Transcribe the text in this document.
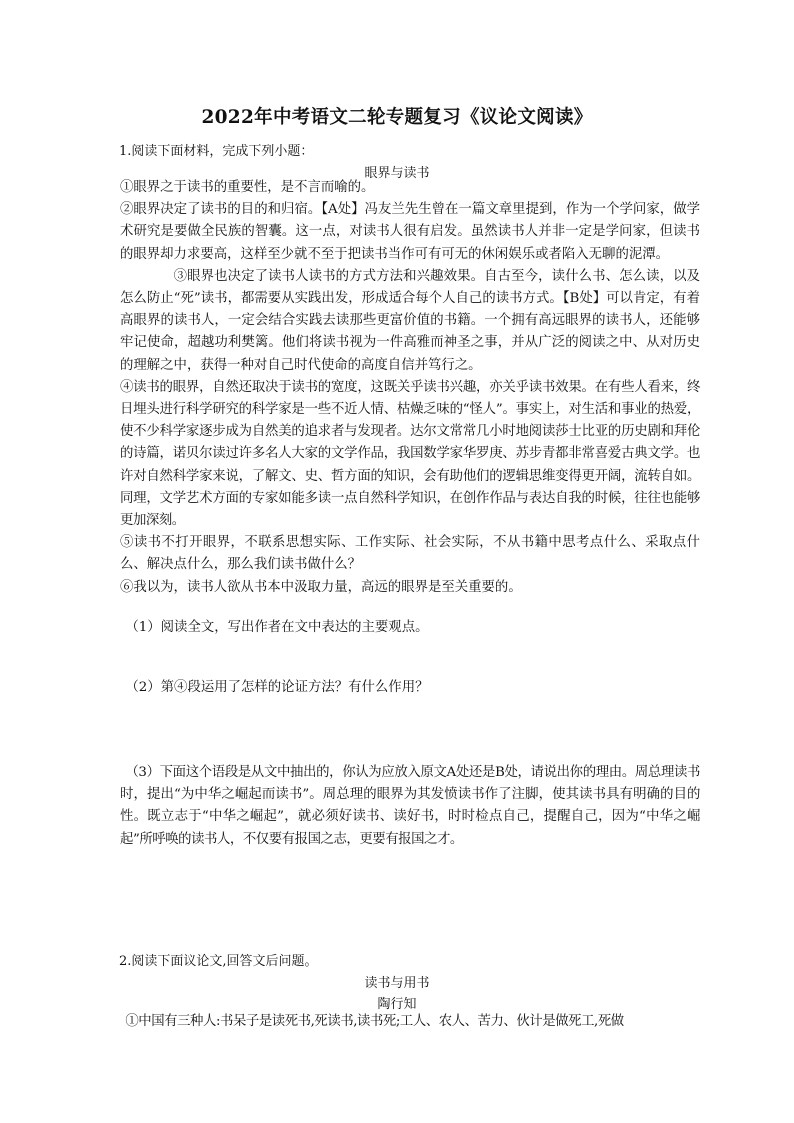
2022年中考语文二轮专题复习《议论文阅读》
1.阅读下面材料，完成下列小题：
眼界与读书

①眼界之于读书的重要性，是不言而喻的。

②眼界决定了读书的目的和归宿。【A处】冯友兰先生曾在一篇文章里提到，作为一个学问家，做学术研究是要做全民族的智囊。这一点，对读书人很有启发。虽然读书人并非一定是学问家，但读书的眼界却力求要高，这样至少就不至于把读书当作可有可无的休闲娱乐或者陷入无聊的泥潭。

③眼界也决定了读书人读书的方式方法和兴趣效果。自古至今，读什么书、怎么读，以及怎么防止“死”读书，都需要从实践出发，形成适合每个人自己的读书方式。【B处】可以肯定，有着高眼界的读书人，一定会结合实践去读那些更富价值的书籍。一个拥有高远眼界的读书人，还能够牢记使命，超越功利樊篱。他们将读书视为一件高雅而神圣之事，并从广泛的阅读之中、从对历史的理解之中，获得一种对自己时代使命的高度自信并笃行之。

④读书的眼界，自然还取决于读书的宽度，这既关乎读书兴趣，亦关乎读书效果。在有些人看来，终日埋头进行科学研究的科学家是一些不近人情、枯燥乏味的“怪人”。事实上，对生活和事业的热爱，使不少科学家逐步成为自然美的追求者与发现者。达尔文常常几小时地阅读莎士比亚的历史剧和拜伦的诗篇，诺贝尔读过许多名人大家的文学作品，我国数学家华罗庚、苏步青都非常喜爱古典文学。也许对自然科学家来说，了解文、史、哲方面的知识，会有助他们的逻辑思维变得更开阔，流转自如。同理，文学艺术方面的专家如能多读一点自然科学知识，在创作作品与表达自我的时候，往往也能够更加深刻。

⑤读书不打开眼界，不联系思想实际、工作实际、社会实际，不从书籍中思考点什么、采取点什么、解决点什么，那么我们读书做什么？

⑥我以为，读书人欲从书本中汲取力量，高远的眼界是至关重要的。

（1）阅读全文，写出作者在文中表达的主要观点。

（2）第④段运用了怎样的论证方法？有什么作用？

（3）下面这个语段是从文中抽出的，你认为应放入原文A处还是B处，请说出你的理由。周总理读书时，提出“为中华之崛起而读书”。周总理的眼界为其发愤读书作了注脚，使其读书具有明确的目的性。既立志于“中华之崛起”，就必须好读书、读好书，时时检点自己，提醒自己，因为“中华之崛起”所呼唤的读书人，不仅要有报国之志，更要有报国之才。

2.阅读下面议论文,回答文后问题。
读书与用书
陶行知

①中国有三种人:书呆子是读死书,死读书,读书死;工人、农人、苦力、伙计是做死工,死做
